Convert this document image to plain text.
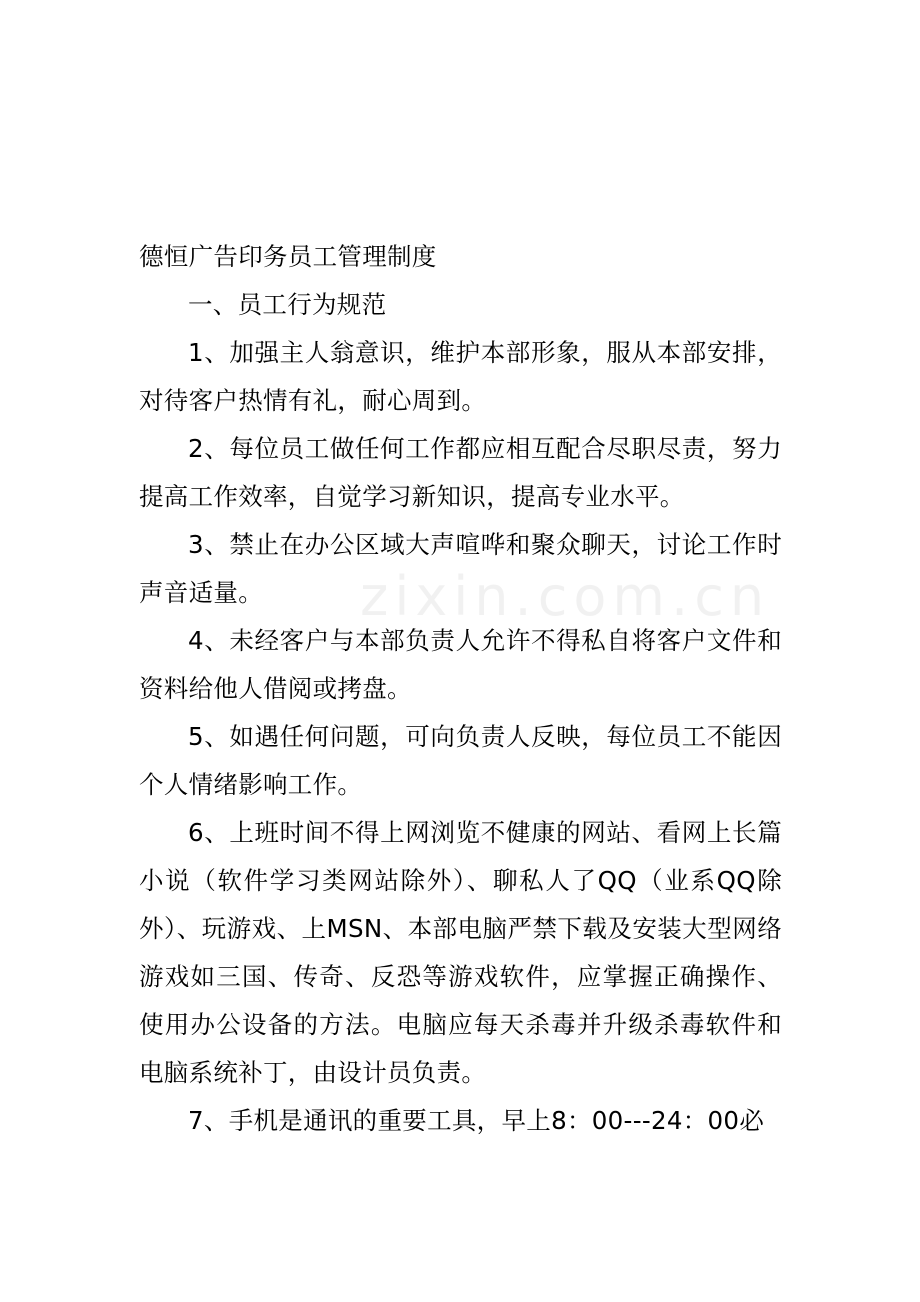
zixin.com.cn
德恒广告印务员工管理制度
一、员工行为规范

1、加强主人翁意识，维护本部形象，服从本部安排，对待客户热情有礼，耐心周到。

2、每位员工做任何工作都应相互配合尽职尽责，努力提高工作效率，自觉学习新知识，提高专业水平。

3、禁止在办公区域大声喧哗和聚众聊天，讨论工作时声音适量。

4、未经客户与本部负责人允许不得私自将客户文件和资料给他人借阅或拷盘。

5、如遇任何问题，可向负责人反映，每位员工不能因个人情绪影响工作。

6、上班时间不得上网浏览不健康的网站、看网上长篇小说（软件学习类网站除外）、聊私人了QQ（业系QQ除外）、玩游戏、上MSN、本部电脑严禁下载及安装大型网络游戏如三国、传奇、反恐等游戏软件，应掌握正确操作、使用办公设备的方法。电脑应每天杀毒并升级杀毒软件和电脑系统补丁，由设计员负责。

7、手机是通讯的重要工具，早上8：00---24：00必
